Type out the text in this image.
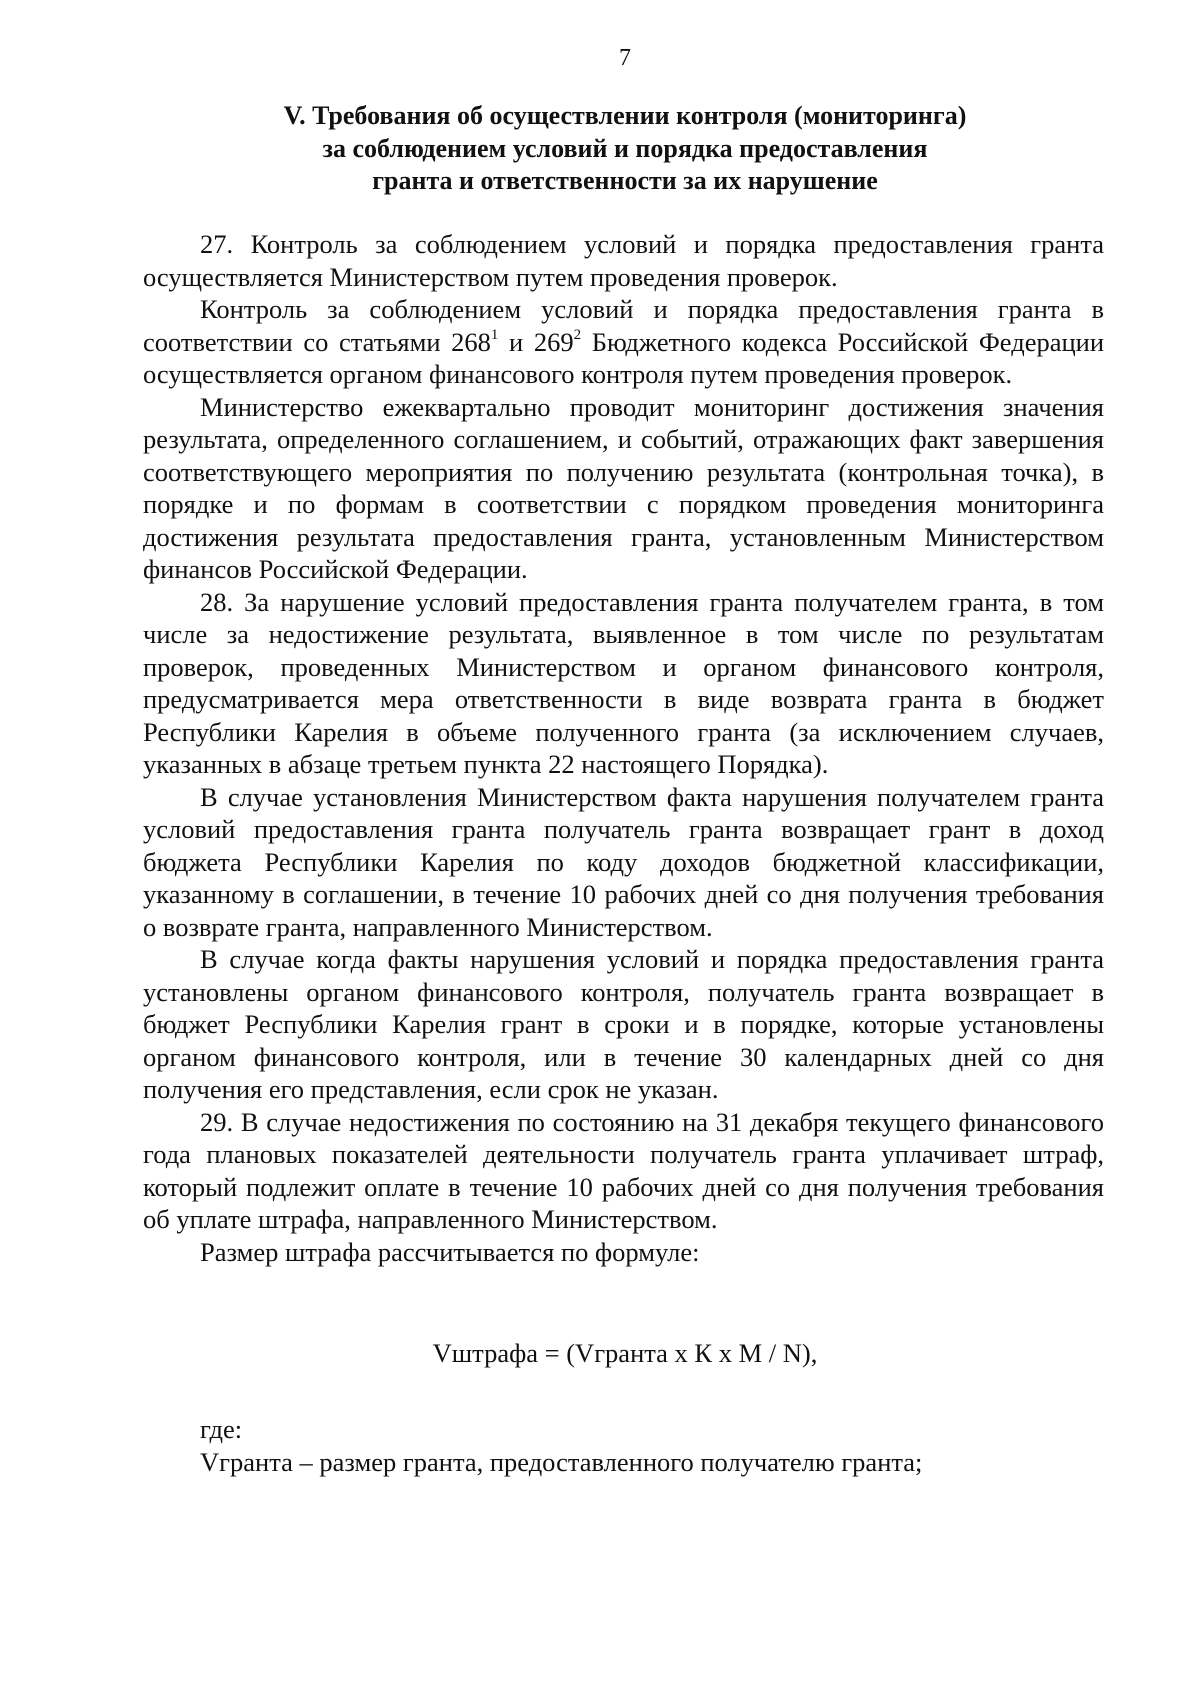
7
V. Требования об осуществлении контроля (мониторинга)
за соблюдением условий и порядка предоставления
гранта и ответственности за их нарушение

27. Контроль за соблюдением условий и порядка предоставления гранта осуществляется Министерством путем проведения проверок.

Контроль за соблюдением условий и порядка предоставления гранта в соответствии со статьями $268^1$ и $269^2$ Бюджетного кодекса Российской Федерации осуществляется органом финансового контроля путем проведения проверок.

Министерство ежеквартально проводит мониторинг достижения значения результата, определенного соглашением, и событий, отражающих факт завершения соответствующего мероприятия по получению результата (контрольная точка), в порядке и по формам в соответствии с порядком проведения мониторинга достижения результата предоставления гранта, установленным Министерством финансов Российской Федерации.

28. За нарушение условий предоставления гранта получателем гранта, в том числе за недостижение результата, выявленное в том числе по результатам проверок, проведенных Министерством и органом финансового контроля, предусматривается мера ответственности в виде возврата гранта в бюджет Республики Карелия в объеме полученного гранта (за исключением случаев, указанных в абзаце третьем пункта 22 настоящего Порядка).

В случае установления Министерством факта нарушения получателем гранта условий предоставления гранта получатель гранта возвращает грант в доход бюджета Республики Карелия по коду доходов бюджетной классификации, указанному в соглашении, в течение 10 рабочих дней со дня получения требования о возврате гранта, направленного Министерством.

В случае когда факты нарушения условий и порядка предоставления гранта установлены органом финансового контроля, получатель гранта возвращает в бюджет Республики Карелия грант в сроки и в порядке, которые установлены органом финансового контроля, или в течение 30 календарных дней со дня получения его представления, если срок не указан.

29. В случае недостижения по состоянию на 31 декабря текущего финансового года плановых показателей деятельности получатель гранта уплачивает штраф, который подлежит оплате в течение 10 рабочих дней со дня получения требования об уплате штрафа, направленного Министерством.

Размер штрафа рассчитывается по формуле:

Vштрафа = (Vгранта x К x М / N),

где:

Vгранта – размер гранта, предоставленного получателю гранта;
